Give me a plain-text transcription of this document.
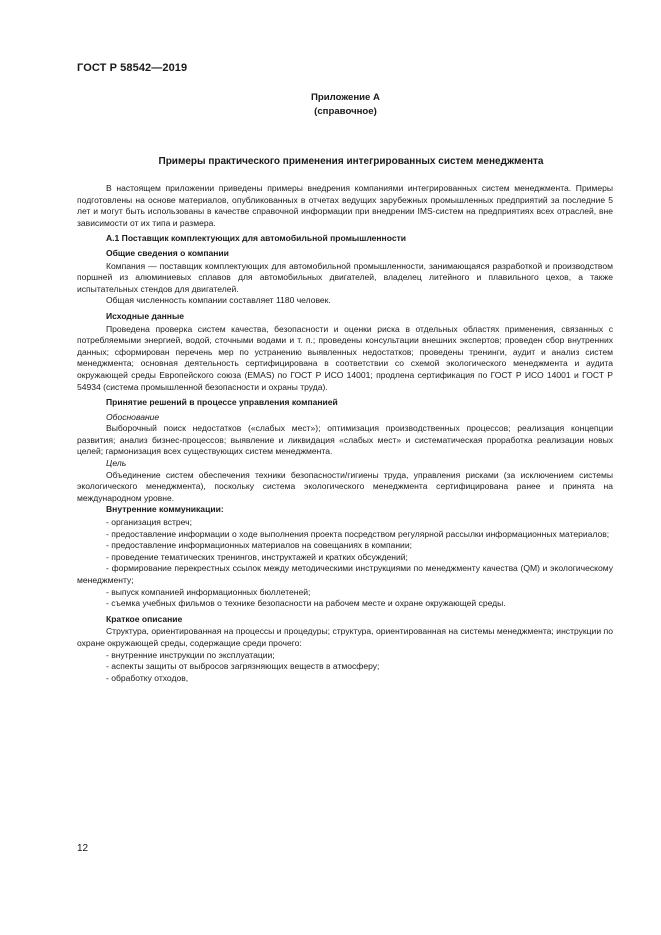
ГОСТ Р 58542—2019
Приложение А
(справочное)
Примеры практического применения интегрированных систем менеджмента

В настоящем приложении приведены примеры внедрения компаниями интегрированных систем менеджмента. Примеры подготовлены на основе материалов, опубликованных в отчетах ведущих зарубежных промышленных предприятий за последние 5 лет и могут быть использованы в качестве справочной информации при внедрении IMS-систем на предприятиях всех отраслей, вне зависимости от их типа и размера.

А.1 Поставщик комплектующих для автомобильной промышленности

Общие сведения о компании

Компания — поставщик комплектующих для автомобильной промышленности, занимающаяся разработкой и производством поршней из алюминиевых сплавов для автомобильных двигателей, владелец литейного и плавильного цехов, а также испытательных стендов для двигателей.

Общая численность компании составляет 1180 человек.

Исходные данные

Проведена проверка систем качества, безопасности и оценки риска в отдельных областях применения, связанных с потребляемыми энергией, водой, сточными водами и т. п.; проведены консультации внешних экспертов; проведен сбор внутренних данных; сформирован перечень мер по устранению выявленных недостатков; проведены тренинги, аудит и анализ систем менеджмента; основная деятельность сертифицирована в соответствии со схемой экологического менеджмента и аудита окружающей среды Европейского союза (EMAS) по ГОСТ Р ИСО 14001; продлена сертификация по ГОСТ Р ИСО 14001 и ГОСТ Р 54934 (система промышленной безопасности и охраны труда).

Принятие решений в процессе управления компанией

Обоснование

Выборочный поиск недостатков («слабых мест»); оптимизация производственных процессов; реализация концепции развития; анализ бизнес-процессов; выявление и ликвидация «слабых мест» и систематическая проработка реализации новых целей; гармонизация всех существующих систем менеджмента.

Цель

Объединение систем обеспечения техники безопасности/гигиены труда, управления рисками (за исключением системы экологического менеджмента), поскольку система экологического менеджмента сертифицирована ранее и принята на международном уровне.

Внутренние коммуникации:

- организация встреч;

- предоставление информации о ходе выполнения проекта посредством регулярной рассылки информационных материалов;

- предоставление информационных материалов на совещаниях в компании;

- проведение тематических тренингов, инструктажей и кратких обсуждений;

- формирование перекрестных ссылок между методическими инструкциями по менеджменту качества (QM) и экологическому менеджменту;

- выпуск компанией информационных бюллетеней;

- съемка учебных фильмов о технике безопасности на рабочем месте и охране окружающей среды.

Краткое описание

Структура, ориентированная на процессы и процедуры; структура, ориентированная на системы менеджмента; инструкции по охране окружающей среды, содержащие среди прочего:

- внутренние инструкции по эксплуатации;

- аспекты защиты от выбросов загрязняющих веществ в атмосферу;

- обработку отходов,

12
